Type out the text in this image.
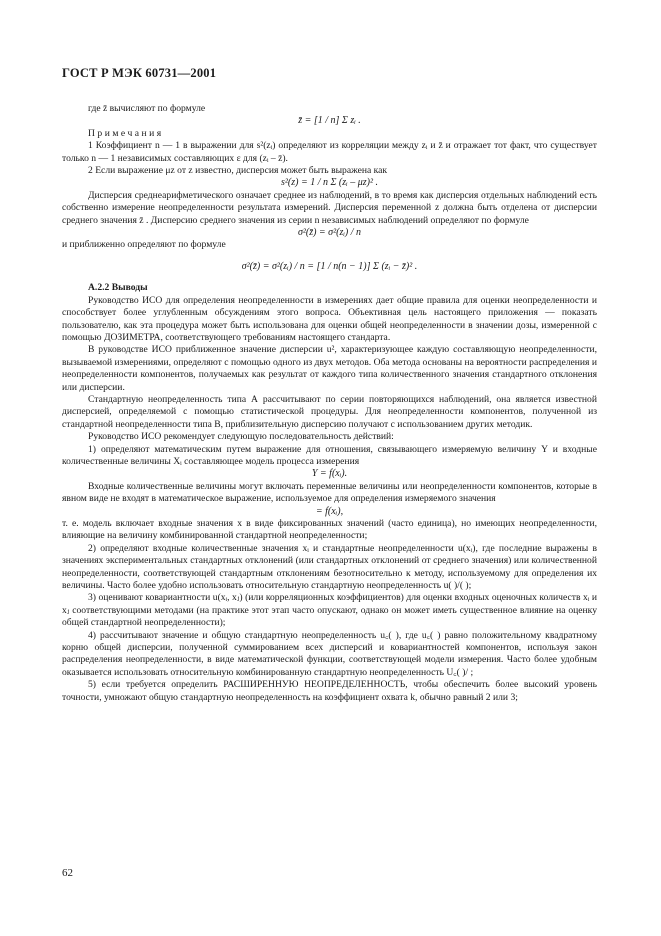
ГОСТ Р МЭК 60731—2001

где z̄ вычисляют по формуле

z̄ = [1 / n] Σ zᵢ .

Примечания

1 Коэффициент n — 1 в выражении для s²(zᵢ) определяют из корреляции между zᵢ и z̄ и отражает тот факт, что существует только n — 1 независимых составляющих ε для (zᵢ – z̄).

2 Если выражение μz от z известно, дисперсия может быть выражена как

s²(z) = 1 / n Σ (zᵢ – μz)² .

Дисперсия среднеарифметического означает среднее из наблюдений, в то время как дисперсия отдельных наблюдений есть собственно измерение неопределенности результата измерений. Дисперсия переменной z должна быть отделена от дисперсии среднего значения z̄ . Дисперсию среднего значения из серии n независимых наблюдений определяют по формуле

σ²(z̄) = σ²(zᵢ) / n

и приближенно определяют по формуле

σ²(z̄) = σ²(zᵢ) / n = [1 / n(n − 1)] Σ (zᵢ − z̄)² .

А.2.2 Выводы

Руководство ИСО для определения неопределенности в измерениях дает общие правила для оценки неопределенности и способствует более углубленным обсуждениям этого вопроса. Объективная цель настоящего приложения — показать пользователю, как эта процедура может быть использована для оценки общей неопределенности в значении дозы, измеренной с помощью ДОЗИМЕТРА, соответствующего требованиям настоящего стандарта.

В руководстве ИСО приближенное значение дисперсии u², характеризующее каждую составляющую неопределенности, вызываемой измерениями, определяют с помощью одного из двух методов. Оба метода основаны на вероятности распределения и неопределенности компонентов, получаемых как результат от каждого типа количественного значения стандартного отклонения или дисперсии.

Стандартную неопределенность типа А рассчитывают по серии повторяющихся наблюдений, она является известной дисперсией, определяемой с помощью статистической процедуры. Для неопределенности компонентов, полученной из стандартной неопределенности типа В, приблизительную дисперсию получают с использованием других методик.

Руководство ИСО рекомендует следующую последовательность действий:

1) определяют математическим путем выражение для отношения, связывающего измеряемую величину Y и входные количественные величины Xᵢ составляющее модель процесса измерения

Y = f(xᵢ).

Входные количественные величины могут включать переменные величины или неопределенности компонентов, которые в явном виде не входят в математическое выражение, используемое для определения измеряемого значения

= f(xᵢ),

т. е. модель включает входные значения x в виде фиксированных значений (часто единица), но имеющих неопределенности, влияющие на величину комбинированной стандартной неопределенности;

2) определяют входные количественные значения xᵢ и стандартные неопределенности u(xᵢ), где последние выражены в значениях экспериментальных стандартных отклонений (или стандартных отклонений от среднего значения) или количественной неопределенности, соответствующей стандартным отклонениям безотносительно к методу, используемому для определения их величины. Часто более удобно использовать относительную стандартную неопределенность u( )/( );

3) оценивают ковариантности u(xᵢ, xⱼ) (или корреляционных коэффициентов) для оценки входных оценочных количеств xᵢ и xⱼ соответствующими методами (на практике этот этап часто опускают, однако он может иметь существенное влияние на оценку общей стандартной неопределенности);

4) рассчитывают значение и общую стандартную неопределенность u꜀( ), где u꜀( ) равно положительному квадратному корню общей дисперсии, полученной суммированием всех дисперсий и ковариантностей компонентов, используя закон распределения неопределенности, в виде математической функции, соответствующей модели измерения. Часто более удобным оказывается использовать относительную комбинированную стандартную неопределенность U꜀( )/ ;

5) если требуется определить РАСШИРЕННУЮ НЕОПРЕДЕЛЕННОСТЬ, чтобы обеспечить более высокий уровень точности, умножают общую стандартную неопределенность на коэффициент охвата k, обычно равный 2 или 3;

62
